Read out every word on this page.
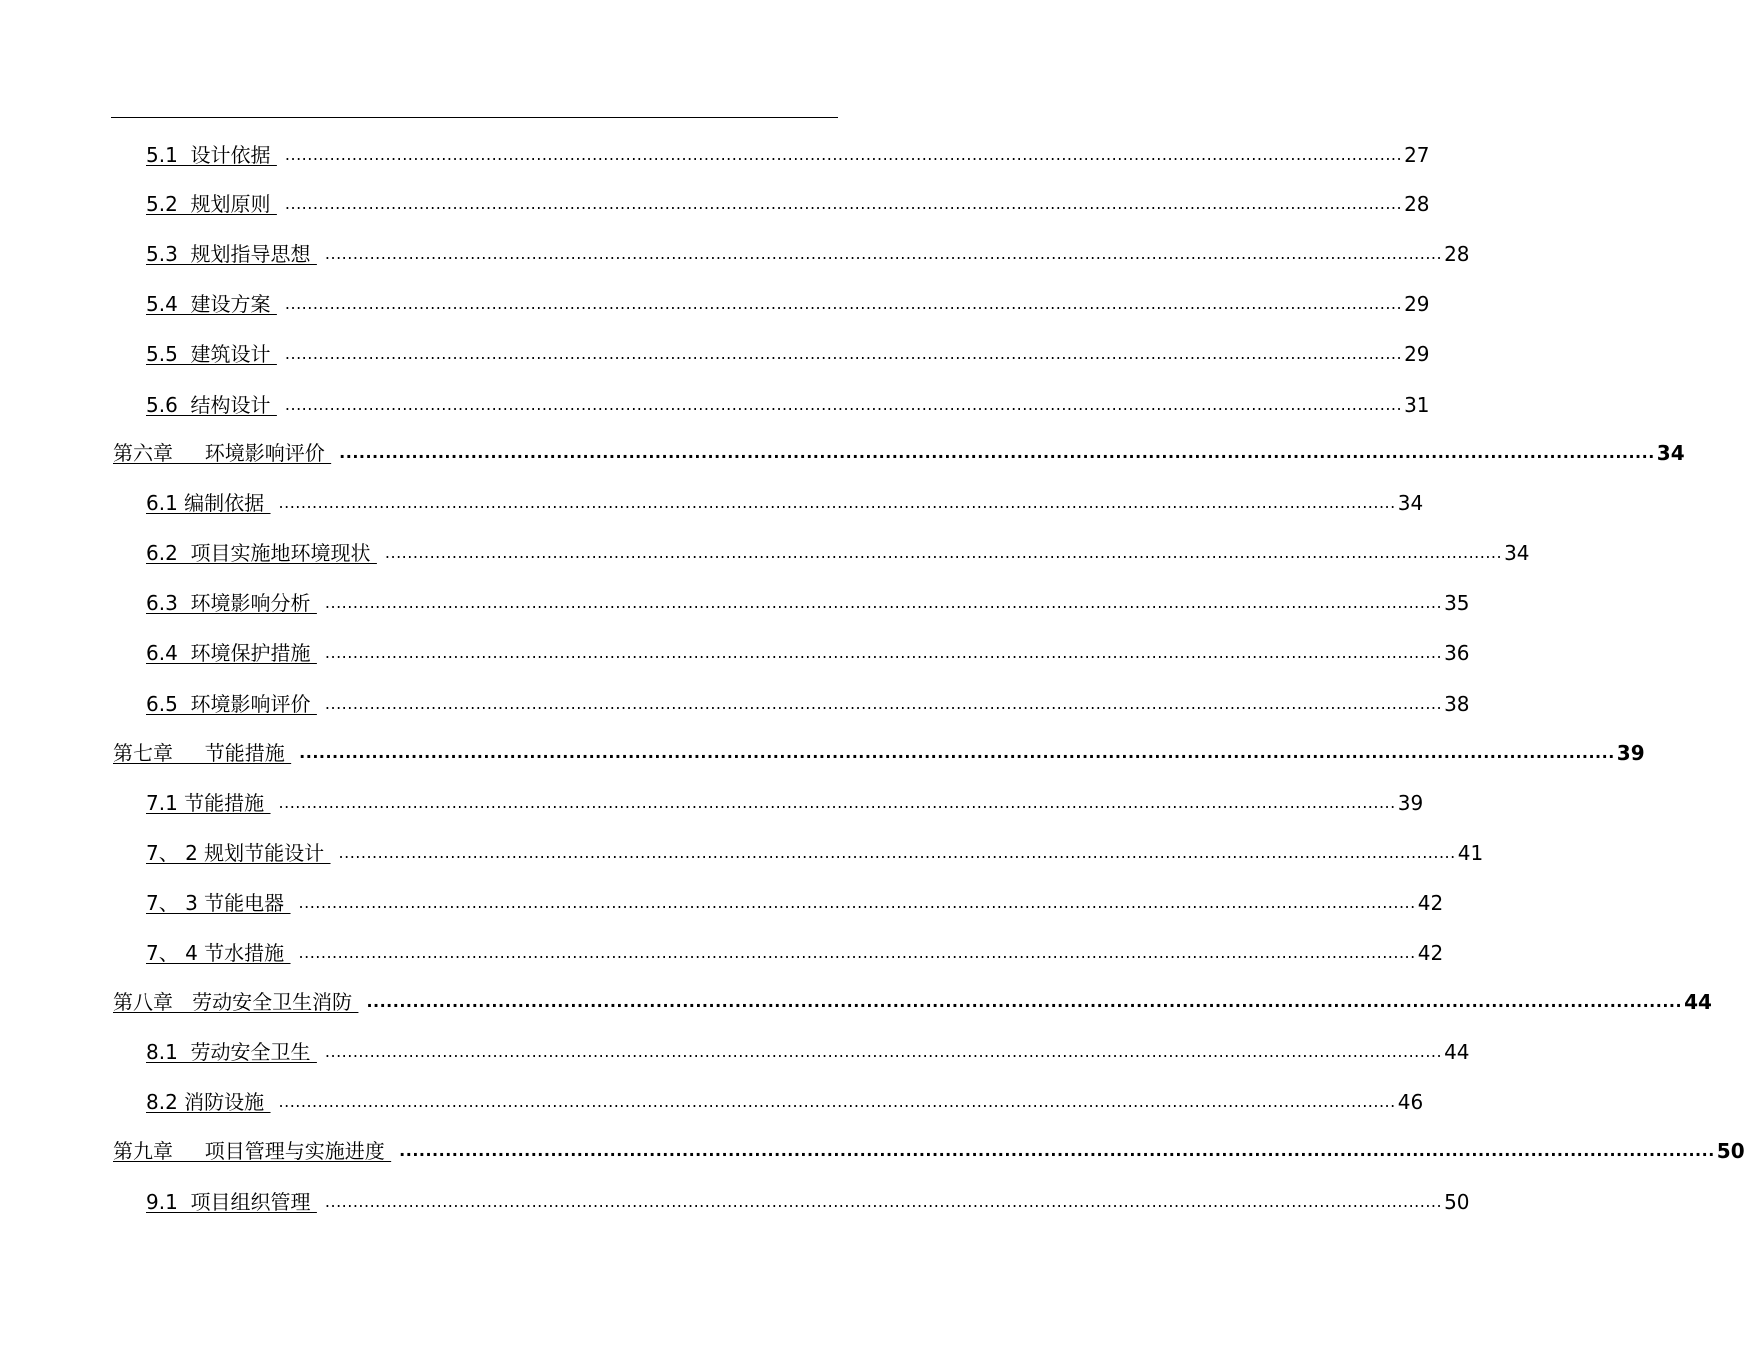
5.1  设计依据 ........................................................................................................................................................................................................ 27
5.2  规划原则 ........................................................................................................................................................................................................ 28
5.3  规划指导思想 ........................................................................................................................................................................................................ 28
5.4  建设方案 ........................................................................................................................................................................................................ 29
5.5  建筑设计 ........................................................................................................................................................................................................ 29
5.6  结构设计 ........................................................................................................................................................................................................ 31
第六章     环境影响评价 ........................................................................................................................................................................................................ 34
6.1 编制依据 ........................................................................................................................................................................................................ 34
6.2  项目实施地环境现状 ........................................................................................................................................................................................................ 34
6.3  环境影响分析 ........................................................................................................................................................................................................ 35
6.4  环境保护措施 ........................................................................................................................................................................................................ 36
6.5  环境影响评价 ........................................................................................................................................................................................................ 38
第七章     节能措施 ........................................................................................................................................................................................................ 39
7.1 节能措施 ........................................................................................................................................................................................................ 39
7、 2 规划节能设计 ........................................................................................................................................................................................................ 41
7、 3 节能电器 ........................................................................................................................................................................................................ 42
7、 4 节水措施 ........................................................................................................................................................................................................ 42
第八章   劳动安全卫生消防 ........................................................................................................................................................................................................ 44
8.1  劳动安全卫生 ........................................................................................................................................................................................................ 44
8.2 消防设施 ........................................................................................................................................................................................................ 46
第九章     项目管理与实施进度 ........................................................................................................................................................................................................ 50
9.1  项目组织管理 ........................................................................................................................................................................................................ 50
